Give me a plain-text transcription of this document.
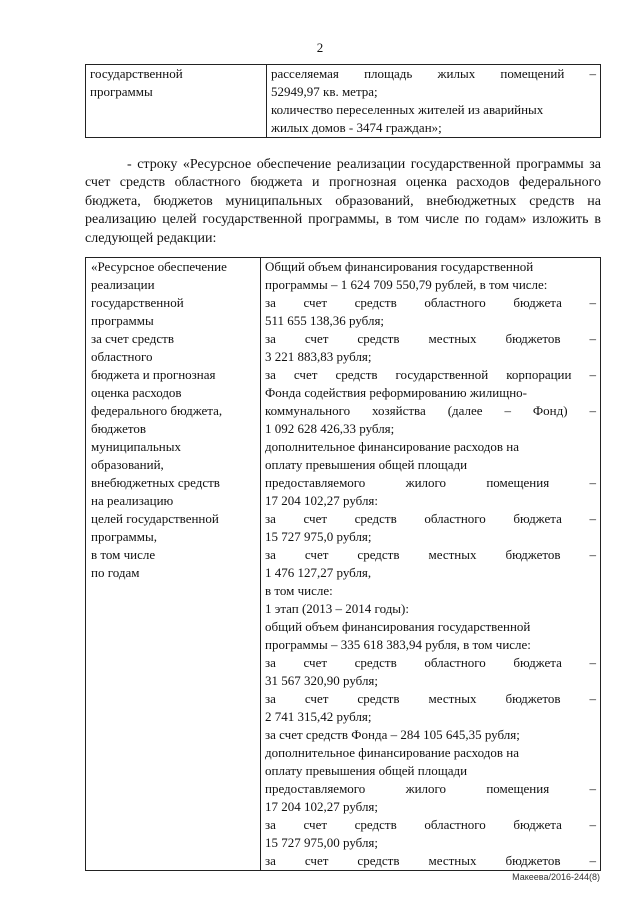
2
государственной
программы

расселяемая площадь жилых помещений –
52949,97 кв. метра;
количество переселенных жителей из аварийных
жилых домов - 3474 граждан»;
- строку «Ресурсное обеспечение реализации государственной программы за счет средств областного бюджета и прогнозная оценка расходов федерального бюджета, бюджетов муниципальных образований, внебюджетных средств на реализацию целей государственной программы, в том числе по годам» изложить в следующей редакции:
«Ресурсное обеспечение
реализации
государственной
программы
за счет средств
областного
бюджета и прогнозная
оценка расходов
федерального бюджета,
бюджетов
муниципальных
образований,
внебюджетных средств
на реализацию
целей государственной
программы,
в том числе
по годам

Общий объем финансирования государственной
программы – 1 624 709 550,79 рублей, в том числе:
за счет средств областного бюджета –
511 655 138,36 рубля;
за счет средств местных бюджетов –
3 221 883,83 рубля;
за счет средств государственной корпорации –
Фонда содействия реформированию жилищно-
коммунального хозяйства (далее – Фонд) –
1 092 628 426,33 рубля;
дополнительное финансирование расходов на
оплату превышения общей площади
предоставляемого жилого помещения –
17 204 102,27 рубля:
за счет средств областного бюджета –
15 727 975,0 рубля;
за счет средств местных бюджетов –
1 476 127,27 рубля,
в том числе:
1 этап (2013 – 2014 годы):
общий объем финансирования государственной
программы – 335 618 383,94 рубля, в том числе:
за счет средств областного бюджета –
31 567 320,90 рубля;
за счет средств местных бюджетов –
2 741 315,42 рубля;
за счет средств Фонда – 284 105 645,35 рубля;
дополнительное финансирование расходов на
оплату превышения общей площади
предоставляемого жилого помещения –
17 204 102,27 рубля;
за счет средств областного бюджета –
15 727 975,00 рубля;
за счет средств местных бюджетов –
Макеева/2016-244(8)
